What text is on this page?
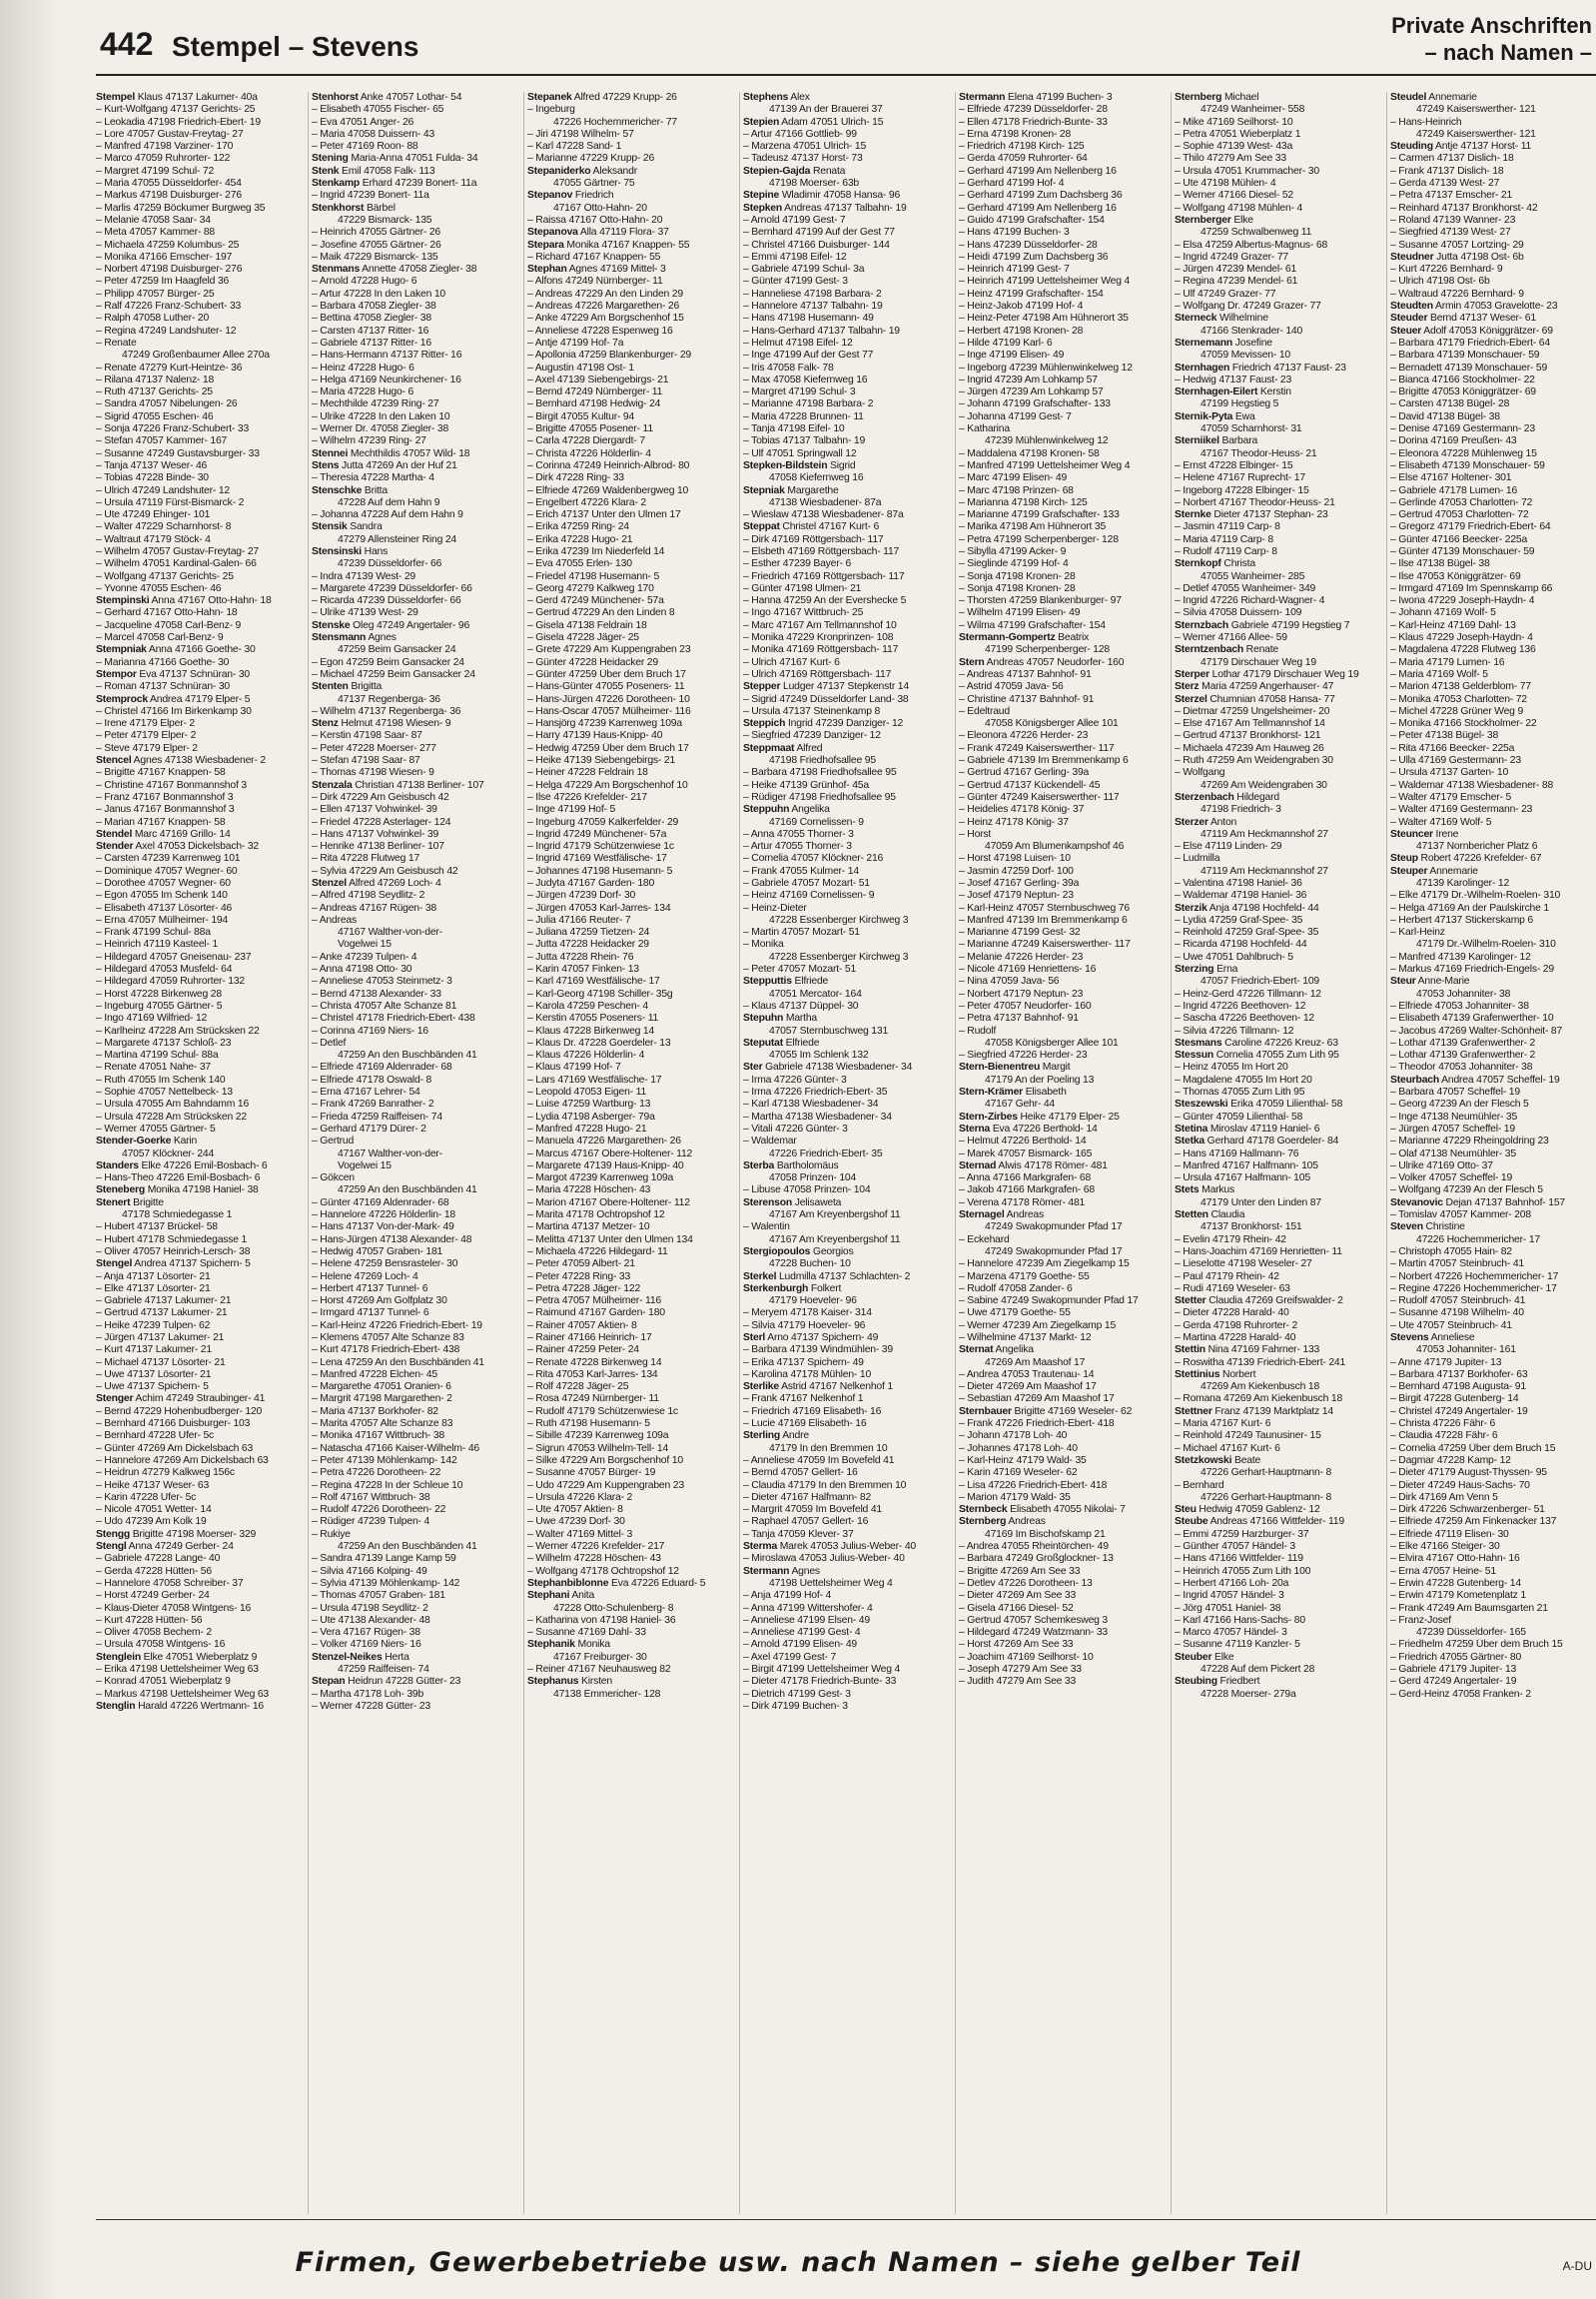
442 Stempel – Stevens
Private Anschriften
– nach Namen –
Stempel Klaus 47137 Lakumer- 40a
– Kurt-Wolfgang 47137 Gerichts- 25
– Leokadia 47198 Friedrich-Ebert- 19
– Lore 47057 Gustav-Freytag- 27
– Manfred 47198 Varziner- 170
– Marco 47059 Ruhrorter- 122
– Margret 47199 Schul- 72
– Maria 47055 Düsseldorfer- 454
– Markus 47198 Duisburger- 276
– Marlis 47259 Böckumer Burgweg 35
– Melanie 47058 Saar- 34
– Meta 47057 Kammer- 88
– Michaela 47259 Kolumbus- 25
– Monika 47166 Emscher- 197
– Norbert 47198 Duisburger- 276
– Peter 47259 Im Haagfeld 36
– Philipp 47057 Bürger- 25
– Ralf 47226 Franz-Schubert- 33
– Ralph 47058 Luther- 20
– Regina 47249 Landshuter- 12
– Renate
47249 Großenbaumer Allee 270a
– Renate 47279 Kurt-Heintze- 36
– Rilana 47137 Nalenz- 18
– Ruth 47137 Gerichts- 25
– Sandra 47057 Nibelungen- 26
– Sigrid 47055 Eschen- 46
– Sonja 47226 Franz-Schubert- 33
– Stefan 47057 Kammer- 167
– Susanne 47249 Gustavsburger- 33
– Tanja 47137 Weser- 46
– Tobias 47228 Binde- 30
– Ulrich 47249 Landshuter- 12
– Ursula 47119 Fürst-Bismarck- 2
– Ute 47249 Ehinger- 101
– Walter 47229 Scharnhorst- 8
– Waltraut 47179 Stöck- 4
– Wilhelm 47057 Gustav-Freytag- 27
– Wilhelm 47051 Kardinal-Galen- 66
– Wolfgang 47137 Gerichts- 25
– Yvonne 47055 Eschen- 46
Stempinski Anna 47167 Otto-Hahn- 18
– Gerhard 47167 Otto-Hahn- 18
– Jacqueline 47058 Carl-Benz- 9
– Marcel 47058 Carl-Benz- 9
Stempniak Anna 47166 Goethe- 30
– Marianna 47166 Goethe- 30
Stempor Eva 47137 Schnüran- 30
– Roman 47137 Schnüran- 30
Stemprock Andrea 47179 Elper- 5
– Christel 47166 Im Birkenkamp 30
– Irene 47179 Elper- 2
– Peter 47179 Elper- 2
– Steve 47179 Elper- 2
Stencel Agnes 47138 Wiesbadener- 2
– Brigitte 47167 Knappen- 58
– Christine 47167 Bonmannshof 3
– Franz 47167 Bonmannshof 3
– Janus 47167 Bonmannshof 3
– Marian 47167 Knappen- 58
Stendel Marc 47169 Grillo- 14
Stender Axel 47053 Dickelsbach- 32
– Carsten 47239 Karrenweg 101
– Dominique 47057 Wegner- 60
– Dorothee 47057 Wegner- 60
– Egon 47055 Im Schenk 140
– Elisabeth 47137 Lösorter- 46
– Erna 47057 Mülheimer- 194
– Frank 47199 Schul- 88a
– Heinrich 47119 Kasteel- 1
– Hildegard 47057 Gneisenau- 237
– Hildegard 47053 Musfeld- 64
– Hildegard 47059 Ruhrorter- 132
– Horst 47228 Birkenweg 28
– Ingeburg 47055 Gärtner- 5
– Ingo 47169 Wilfried- 12
– Karlheinz 47228 Am Strücksken 22
– Margarete 47137 Schloß- 23
– Martina 47199 Schul- 88a
– Renate 47051 Nahe- 37
– Ruth 47055 Im Schenk 140
– Sophie 47057 Nettelbeck- 13
– Ursula 47055 Am Bahndamm 16
– Ursula 47228 Am Strücksken 22
– Werner 47055 Gärtner- 5
Stender-Goerke Karin
47057 Klöckner- 244
Standers Elke 47226 Emil-Bosbach- 6
– Hans-Theo 47226 Emil-Bosbach- 6
Steneberg Monika 47198 Haniel- 38
Stenert Brigitte
47178 Schmiedegasse 1
– Hubert 47137 Brückel- 58
– Hubert 47178 Schmiedegasse 1
– Oliver 47057 Heinrich-Lersch- 38
Stengel Andrea 47137 Spichern- 5
– Anja 47137 Lösorter- 21
– Elke 47137 Lösorter- 21
– Gabriele 47137 Lakumer- 21
– Gertrud 47137 Lakumer- 21
– Heike 47239 Tulpen- 62
– Jürgen 47137 Lakumer- 21
– Kurt 47137 Lakumer- 21
– Michael 47137 Lösorter- 21
– Uwe 47137 Lösorter- 21
– Uwe 47137 Spichern- 5
Stenger Achim 47249 Straubinger- 41
– Bernd 47229 Hohenbudberger- 120
– Bernhard 47166 Duisburger- 103
– Bernhard 47228 Ufer- 5c
– Günter 47269 Am Dickelsbach 63
– Hannelore 47269 Am Dickelsbach 63
– Heidrun 47279 Kalkweg 156c
– Heike 47137 Weser- 63
– Karin 47228 Ufer- 5c
– Nicole 47051 Wetter- 14
– Udo 47239 Am Kolk 19
Stengg Brigitte 47198 Moerser- 329
Stengl Anna 47249 Gerber- 24
– Gabriele 47228 Lange- 40
– Gerda 47228 Hütten- 56
– Hannelore 47058 Schreiber- 37
– Horst 47249 Gerber- 24
– Klaus-Dieter 47058 Wintgens- 16
– Kurt 47228 Hütten- 56
– Oliver 47058 Bechem- 2
– Ursula 47058 Wintgens- 16
Stenglein Elke 47051 Wieberplatz 9
– Erika 47198 Uettelsheimer Weg 63
– Konrad 47051 Wieberplatz 9
– Markus 47198 Uettelsheimer Weg 63
Stenglin Harald 47226 Wertmann- 16
Stenhorst Anke 47057 Lothar- 54
– Elisabeth 47055 Fischer- 65
– Eva 47051 Anger- 26
– Maria 47058 Duissern- 43
– Peter 47169 Roon- 88
Stening Maria-Anna 47051 Fulda- 34
Stenk Emil 47058 Falk- 113
Stenkamp Erhard 47239 Bonert- 11a
– Ingrid 47239 Bonert- 11a
Stenkhorst Bärbel
47229 Bismarck- 135
– Heinrich 47055 Gärtner- 26
– Josefine 47055 Gärtner- 26
– Maik 47229 Bismarck- 135
Stenmans Annette 47058 Ziegler- 38
– Arnold 47228 Hugo- 6
– Artur 47228 In den Laken 10
– Barbara 47058 Ziegler- 38
– Bettina 47058 Ziegler- 38
– Carsten 47137 Ritter- 16
– Gabriele 47137 Ritter- 16
– Hans-Hermann 47137 Ritter- 16
– Heinz 47228 Hugo- 6
– Helga 47169 Neunkirchener- 16
– Maria 47228 Hugo- 6
– Mechthilde 47239 Ring- 27
– Ulrike 47228 In den Laken 10
– Werner Dr. 47058 Ziegler- 38
– Wilhelm 47239 Ring- 27
Stennei Mechthildis 47057 Wild- 18
Stens Jutta 47269 An der Huf 21
– Theresia 47228 Martha- 4
Stenschke Britta
47228 Auf dem Hahn 9
– Johanna 47228 Auf dem Hahn 9
Stensik Sandra
47279 Allensteiner Ring 24
Stensinski Hans
47239 Düsseldorfer- 66
– Indra 47139 West- 29
– Margarete 47239 Düsseldorfer- 66
– Ricarda 47239 Düsseldorfer- 66
– Ulrike 47139 West- 29
Stenske Oleg 47249 Angertaler- 96
Stensmann Agnes
47259 Beim Gansacker 24
– Egon 47259 Beim Gansacker 24
– Michael 47259 Beim Gansacker 24
Stenten Brigitta
47137 Regenberga- 36
– Wilhelm 47137 Regenberga- 36
Stenz Helmut 47198 Wiesen- 9
– Kerstin 47198 Saar- 87
– Peter 47228 Moerser- 277
– Stefan 47198 Saar- 87
– Thomas 47198 Wiesen- 9
Stenzala Christian 47138 Berliner- 107
– Dirk 47229 Am Geisbusch 42
– Ellen 47137 Vohwinkel- 39
– Friedel 47228 Asterlager- 124
– Hans 47137 Vohwinkel- 39
– Henrike 47138 Berliner- 107
– Rita 47228 Flutweg 17
– Sylvia 47229 Am Geisbusch 42
Stenzel Alfred 47269 Loch- 4
– Alfred 47198 Seydlitz- 2
– Andreas 47167 Rügen- 38
– Andreas
47167 Walther-von-der-
Vogelwei 15
– Anke 47239 Tulpen- 4
– Anna 47198 Otto- 30
– Anneliese 47053 Steinmetz- 3
– Bernd 47138 Alexander- 33
– Christa 47057 Alte Schanze 81
– Christel 47178 Friedrich-Ebert- 438
– Corinna 47169 Niers- 16
– Detlef
47259 An den Buschbänden 41
– Elfriede 47169 Aldenrader- 68
– Elfriede 47178 Oswald- 8
– Erna 47167 Lehrer- 54
– Frank 47269 Banrather- 2
– Frieda 47259 Raiffeisen- 74
– Gerhard 47179 Dürer- 2
– Gertrud
47167 Walther-von-der-
Vogelwei 15
– Gökcen
47259 An den Buschbänden 41
– Günter 47169 Aldenrader- 68
– Hannelore 47226 Hölderlin- 18
– Hans 47137 Von-der-Mark- 49
– Hans-Jürgen 47138 Alexander- 48
– Hedwig 47057 Graben- 181
– Helene 47259 Bensrasteler- 30
– Helene 47269 Loch- 4
– Herbert 47137 Tunnel- 6
– Horst 47269 Am Golfplatz 30
– Irmgard 47137 Tunnel- 6
– Karl-Heinz 47226 Friedrich-Ebert- 19
– Klemens 47057 Alte Schanze 83
– Kurt 47178 Friedrich-Ebert- 438
– Lena 47259 An den Buschbänden 41
– Manfred 47228 Elchen- 45
– Margarethe 47051 Oranien- 6
– Margrit 47198 Margarethen- 2
– Maria 47137 Borkhofer- 82
– Marita 47057 Alte Schanze 83
– Monika 47167 Wittbruch- 38
– Natascha 47166 Kaiser-Wilhelm- 46
– Peter 47139 Möhlenkamp- 142
– Petra 47226 Dorotheen- 22
– Regina 47228 In der Schleue 10
– Rolf 47167 Wittbruch- 38
– Rudolf 47226 Dorotheen- 22
– Rüdiger 47239 Tulpen- 4
– Rukiye
47259 An den Buschbänden 41
– Sandra 47139 Lange Kamp 59
– Silvia 47166 Kolping- 49
– Sylvia 47139 Möhlenkamp- 142
– Thomas 47057 Graben- 181
– Ursula 47198 Seydlitz- 2
– Ute 47138 Alexander- 48
– Vera 47167 Rügen- 38
– Volker 47169 Niers- 16
Stenzel-Neikes Herta
47259 Raiffeisen- 74
Stepan Heidrun 47228 Gütter- 23
– Martha 47178 Loh- 39b
– Werner 47228 Gütter- 23
Stepanek Alfred 47229 Krupp- 26
– Ingeburg
47226 Hochemmericher- 77
– Jiri 47198 Wilhelm- 57
– Karl 47228 Sand- 1
– Marianne 47229 Krupp- 26
Stepaniderko Aleksandr
47055 Gärtner- 75
Stepanov Friedrich
47167 Otto-Hahn- 20
– Raissa 47167 Otto-Hahn- 20
Stepanova Alla 47119 Flora- 37
Stepara Monika 47167 Knappen- 55
– Richard 47167 Knappen- 55
Stephan Agnes 47169 Mittel- 3
– Alfons 47249 Nürnberger- 11
– Andreas 47229 An den Linden 29
– Andreas 47226 Margarethen- 26
– Anke 47229 Am Borgschenhof 15
– Anneliese 47228 Espenweg 16
– Antje 47199 Hof- 7a
– Apollonia 47259 Blankenburger- 29
– Augustin 47198 Ost- 1
– Axel 47139 Siebengebirgs- 21
– Bernd 47249 Nürnberger- 11
– Bernhard 47198 Hedwig- 24
– Birgit 47055 Kultur- 94
– Brigitte 47055 Posener- 11
– Carla 47228 Diergardt- 7
– Christa 47226 Hölderlin- 4
– Corinna 47249 Heinrich-Albrod- 80
– Dirk 47228 Ring- 33
– Elfriede 47269 Waldenbergweg 10
– Engelbert 47226 Klara- 2
– Erich 47137 Unter den Ulmen 17
– Erika 47259 Ring- 24
– Erika 47228 Hugo- 21
– Erika 47239 Im Niederfeld 14
– Eva 47055 Erlen- 130
– Friedel 47198 Husemann- 5
– Georg 47279 Kalkweg 170
– Gerd 47249 Münchener- 57a
– Gertrud 47229 An den Linden 8
– Gisela 47138 Feldrain 18
– Gisela 47228 Jäger- 25
– Grete 47229 Am Kuppengraben 23
– Günter 47228 Heidacker 29
– Günter 47259 Über dem Bruch 17
– Hans-Günter 47055 Poseners- 11
– Hans-Jürgen 47226 Dorotheen- 10
– Hans-Oscar 47057 Mülheimer- 116
– Hansjörg 47239 Karrenweg 109a
– Harry 47139 Haus-Knipp- 40
– Hedwig 47259 Über dem Bruch 17
– Heike 47139 Siebengebirgs- 21
– Heiner 47228 Feldrain 18
– Helga 47229 Am Borgschenhof 10
– Ilse 47226 Krefelder- 217
– Inge 47199 Hof- 5
– Ingeburg 47059 Kalkerfelder- 29
– Ingrid 47249 Münchener- 57a
– Ingrid 47179 Schützenwiese 1c
– Ingrid 47169 Westfälische- 17
– Johannes 47198 Husemann- 5
– Judyta 47167 Garden- 180
– Jürgen 47239 Dorf- 30
– Jürgen 47053 Karl-Jarres- 134
– Julia 47166 Reuter- 7
– Juliana 47259 Tietzen- 24
– Jutta 47228 Heidacker 29
– Jutta 47228 Rhein- 76
– Karin 47057 Finken- 13
– Karl 47169 Westfälische- 17
– Karl-Georg 47198 Schiller- 35g
– Karola 47259 Peschen- 4
– Kerstin 47055 Poseners- 11
– Klaus 47228 Birkenweg 14
– Klaus Dr. 47228 Goerdeler- 13
– Klaus 47226 Hölderlin- 4
– Klaus 47199 Hof- 7
– Lars 47169 Westfälische- 17
– Leopold 47053 Eigen- 11
– Luise 47259 Wartburg- 13
– Lydia 47198 Asberger- 79a
– Manfred 47228 Hugo- 21
– Manuela 47226 Margarethen- 26
– Marcus 47167 Obere-Holtener- 112
– Margarete 47139 Haus-Knipp- 40
– Margot 47239 Karrenweg 109a
– Maria 47228 Höschen- 43
– Marion 47167 Obere-Holtener- 112
– Marita 47178 Ochtropshof 12
– Martina 47137 Metzer- 10
– Melitta 47137 Unter den Ulmen 134
– Michaela 47226 Hildegard- 11
– Peter 47059 Albert- 21
– Peter 47228 Ring- 33
– Petra 47228 Jäger- 122
– Petra 47057 Mülheimer- 116
– Raimund 47167 Garden- 180
– Rainer 47057 Aktien- 8
– Rainer 47166 Heinrich- 17
– Rainer 47259 Peter- 24
– Renate 47228 Birkenweg 14
– Rita 47053 Karl-Jarres- 134
– Rolf 47228 Jäger- 25
– Rosa 47249 Nürnberger- 11
– Rudolf 47179 Schützenwiese 1c
– Ruth 47198 Husemann- 5
– Sibille 47239 Karrenweg 109a
– Sigrun 47053 Wilhelm-Tell- 14
– Silke 47229 Am Borgschenhof 10
– Susanne 47057 Bürger- 19
– Udo 47229 Am Kuppengraben 23
– Ursula 47226 Klara- 2
– Ute 47057 Aktien- 8
– Uwe 47239 Dorf- 30
– Walter 47169 Mittel- 3
– Werner 47226 Krefelder- 217
– Wilhelm 47228 Höschen- 43
– Wolfgang 47178 Ochtropshof 12
Stephanbiblonne Eva 47226 Eduard- 5
Stephani Anita
47228 Otto-Schulenberg- 8
– Katharina von 47198 Haniel- 36
– Susanne 47169 Dahl- 33
Stephanik Monika
47167 Freiburger- 30
– Reiner 47167 Neuhausweg 82
Stephanus Kirsten
47138 Emmericher- 128
Stephens Alex
47139 An der Brauerei 37
Stepien Adam 47051 Ulrich- 15
– Artur 47166 Gottlieb- 99
– Marzena 47051 Ulrich- 15
– Tadeusz 47137 Horst- 73
Stepien-Gajda Renata
47198 Moerser- 63b
Stepine Wladimir 47058 Hansa- 96
Stepken Andreas 47137 Talbahn- 19
– Arnold 47199 Gest- 7
– Bernhard 47199 Auf der Gest 77
– Christel 47166 Duisburger- 144
– Emmi 47198 Eifel- 12
– Gabriele 47199 Schul- 3a
– Günter 47199 Gest- 3
– Hanneliese 47198 Barbara- 2
– Hannelore 47137 Talbahn- 19
– Hans 47198 Husemann- 49
– Hans-Gerhard 47137 Talbahn- 19
– Helmut 47198 Eifel- 12
– Inge 47199 Auf der Gest 77
– Iris 47058 Falk- 78
– Max 47058 Kiefernweg 16
– Margret 47199 Schul- 3
– Marianne 47198 Barbara- 2
– Maria 47228 Brunnen- 11
– Tanja 47198 Eifel- 10
– Tobias 47137 Talbahn- 19
– Ulf 47051 Springwall 12
Stepken-Bildstein Sigrid
47058 Kiefernweg 16
Stepniak Margarethe
47138 Wiesbadener- 87a
– Wieslaw 47138 Wiesbadener- 87a
Steppat Christel 47167 Kurt- 6
– Dirk 47169 Röttgersbach- 117
– Elsbeth 47169 Röttgersbach- 117
– Esther 47239 Bayer- 6
– Friedrich 47169 Röttgersbach- 117
– Günter 47198 Ulmen- 21
– Hanna 47259 An der Eversheckе 5
– Ingo 47167 Wittbruch- 25
– Marc 47167 Am Tellmannshof 10
– Monika 47229 Kronprinzen- 108
– Monika 47169 Röttgersbach- 117
– Ulrich 47167 Kurt- 6
– Ulrich 47169 Röttgersbach- 117
Stepper Ludger 47137 Stepkenstr 14
– Sigrid 47249 Düsseldorfer Land- 38
– Ursula 47137 Steinenkamp 8
Steppich Ingrid 47239 Danziger- 12
– Siegfried 47239 Danziger- 12
Steppmaat Alfred
47198 Friedhofsallee 95
– Barbara 47198 Friedhofsallee 95
– Heike 47139 Grünhof- 45a
– Rüdiger 47198 Friedhofsallee 95
Steppuhn Angelika
47169 Cornelissen- 9
– Anna 47055 Thorner- 3
– Artur 47055 Thorner- 3
– Cornelia 47057 Klöckner- 216
– Frank 47055 Kulmer- 14
– Gabriele 47057 Mozart- 51
– Heinz 47169 Cornelissen- 9
– Heinz-Dieter
47228 Essenberger Kirchweg 3
– Martin 47057 Mozart- 51
– Monika
47228 Essenberger Kirchweg 3
– Peter 47057 Mozart- 51
Stepputtis Elfriede
47051 Mercator- 164
– Klaus 47137 Düppel- 30
Stepuhn Martha
47057 Sternbuschweg 131
Steputat Elfriede
47055 Im Schlenk 132
Ster Gabriele 47138 Wiesbadener- 34
– Irma 47226 Günter- 3
– Irma 47226 Friedrich-Ebert- 35
– Karl 47138 Wiesbadener- 34
– Martha 47138 Wiesbadener- 34
– Vitali 47226 Günter- 3
– Waldemar
47226 Friedrich-Ebert- 35
Sterba Bartholomäus
47058 Prinzen- 104
– Libuse 47058 Prinzen- 104
Sterenson Jelisaweta
47167 Am Kreyenbergshof 11
– Walentin
47167 Am Kreyenbergshof 11
Stergiopoulos Georgios
47228 Buchen- 10
Sterkel Ludmilla 47137 Schlachten- 2
Sterkenburgh Folkert
47179 Hoeveler- 96
– Meryem 47178 Kaiser- 314
– Silvia 47179 Hoeveler- 96
Sterl Arno 47137 Spichern- 49
– Barbara 47139 Windmühlen- 39
– Erika 47137 Spichern- 49
– Karolina 47178 Mühlen- 10
Sterlike Astrid 47167 Nelkenhof 1
– Frank 47167 Nelkenhof 1
– Friedrich 47169 Elisabeth- 16
– Lucie 47169 Elisabeth- 16
Sterling Andre
47179 In den Bremmen 10
– Anneliese 47059 Im Bovefeld 41
– Bernd 47057 Gellert- 16
– Claudia 47179 In den Bremmen 10
– Dieter 47167 Halfmann- 82
– Margrit 47059 Im Bovefeld 41
– Raphael 47057 Gellert- 16
– Tanja 47059 Klever- 37
Sterma Marek 47053 Julius-Weber- 40
– Miroslawa 47053 Julius-Weber- 40
Stermann Agnes
47198 Uettelsheimer Weg 4
– Anja 47199 Hof- 4
– Anna 47199 Wittershofer- 4
– Anneliese 47199 Elsen- 49
– Anneliese 47199 Gest- 4
– Arnold 47199 Elisen- 49
– Axel 47199 Gest- 7
– Birgit 47199 Uettelsheimer Weg 4
– Dieter 47178 Friedrich-Bunte- 33
– Dietrich 47199 Gest- 3
– Dirk 47199 Buchen- 3
Stermann Elena 47199 Buchen- 3
– Elfriede 47239 Düsseldorfer- 28
– Ellen 47178 Friedrich-Bunte- 33
– Erna 47198 Kronen- 28
– Friedrich 47198 Kirch- 125
– Gerda 47059 Ruhrorter- 64
– Gerhard 47199 Am Nellenberg 16
– Gerhard 47199 Hof- 4
– Gerhard 47199 Zum Dachsberg 36
– Gerhard 47199 Am Nellenberg 16
– Guido 47199 Grafschafter- 154
– Hans 47199 Buchen- 3
– Hans 47239 Düsseldorfer- 28
– Heidi 47199 Zum Dachsberg 36
– Heinrich 47199 Gest- 7
– Heinrich 47199 Uettelsheimer Weg 4
– Heinz 47199 Grafschafter- 154
– Heinz-Jakob 47199 Hof- 4
– Heinz-Peter 47198 Am Hühnerort 35
– Herbert 47198 Kronen- 28
– Hilde 47199 Karl- 6
– Inge 47199 Elisen- 49
– Ingeborg 47239 Mühlenwinkelweg 12
– Ingrid 47239 Am Lohkamp 57
– Jürgen 47239 Am Lohkamp 57
– Johann 47199 Grafschafter- 133
– Johanna 47199 Gest- 7
– Katharina
47239 Mühlenwinkelweg 12
– Maddalena 47198 Kronen- 58
– Manfred 47199 Uettelsheimer Weg 4
– Marc 47199 Elisen- 49
– Marc 47198 Prinzen- 68
– Marianna 47198 Kirch- 125
– Marianne 47199 Grafschafter- 133
– Marika 47198 Am Hühnerort 35
– Petra 47199 Scherpenberger- 128
– Sibylla 47199 Acker- 9
– Sieglinde 47199 Hof- 4
– Sonja 47198 Kronen- 28
– Sonja 47198 Kronen- 28
– Thorsten 47259 Blankenburger- 97
– Wilhelm 47199 Elisen- 49
– Wilma 47199 Grafschafter- 154
Stermann-Gompertz Beatrix
47199 Scherpenberger- 128
Stern Andreas 47057 Neudorfer- 160
– Andreas 47137 Bahnhof- 91
– Astrid 47059 Java- 56
– Christine 47137 Bahnhof- 91
– Edeltraud
47058 Königsberger Allee 101
– Eleonora 47226 Herder- 23
– Frank 47249 Kaiserswerther- 117
– Gabriele 47139 Im Bremmenkamp 6
– Gertrud 47167 Gerling- 39a
– Gertrud 47137 Kückendell- 45
– Günter 47249 Kaiserswerther- 117
– Heidelies 47178 König- 37
– Heinz 47178 König- 37
– Horst
47059 Am Blumenkampshof 46
– Horst 47198 Luisen- 10
– Jasmin 47259 Dorf- 100
– Josef 47167 Gerling- 39a
– Josef 47179 Neptun- 23
– Karl-Heinz 47057 Sternbuschweg 76
– Manfred 47139 Im Bremmenkamp 6
– Marianne 47199 Gest- 32
– Marianne 47249 Kaiserswerther- 117
– Melanie 47226 Herder- 23
– Nicole 47169 Henriettens- 16
– Nina 47059 Java- 56
– Norbert 47179 Neptun- 23
– Peter 47057 Neudorfer- 160
– Petra 47137 Bahnhof- 91
– Rudolf
47058 Königsberger Allee 101
– Siegfried 47226 Herder- 23
Stern-Bienentreu Margit
47179 An der Poeling 13
Stern-Krämer Elisabeth
47167 Gehr- 44
Stern-Zirbes Heike 47179 Elper- 25
Sterna Eva 47226 Berthold- 14
– Helmut 47226 Berthold- 14
– Marek 47057 Bismarck- 165
Sternad Alwis 47178 Römer- 481
– Anna 47166 Markgrafen- 68
– Jakob 47166 Markgrafen- 68
– Verena 47178 Römer- 481
Sternagel Andreas
47249 Swakopmunder Pfad 17
– Eckehard
47249 Swakopmunder Pfad 17
– Hannelore 47239 Am Ziegelkamp 15
– Marzena 47179 Goethe- 55
– Rudolf 47058 Zander- 6
– Sabine 47249 Swakopmunder Pfad 17
– Uwe 47179 Goethe- 55
– Werner 47239 Am Ziegelkamp 15
– Wilhelmine 47137 Markt- 12
Sternat Angelika
47269 Am Maashof 17
– Andrea 47053 Trautenau- 14
– Dieter 47269 Am Maashof 17
– Sebastian 47269 Am Maashof 17
Sternbauer Brigitte 47169 Weseler- 62
– Frank 47226 Friedrich-Ebert- 418
– Johann 47178 Loh- 40
– Johannes 47178 Loh- 40
– Karl-Heinz 47179 Wald- 35
– Karin 47169 Weseler- 62
– Lisa 47226 Friedrich-Ebert- 418
– Marion 47179 Wald- 35
Sternbeck Elisabeth 47055 Nikolai- 7
Sternberg Andreas
47169 Im Bischofskamp 21
– Andrea 47055 Rheintörchen- 49
– Barbara 47249 Großglockner- 13
– Brigitte 47269 Am See 33
– Detlev 47226 Dorotheen- 13
– Dieter 47269 Am See 33
– Gisela 47166 Diesel- 52
– Gertrud 47057 Schemkesweg 3
– Hildegard 47249 Watzmann- 33
– Horst 47269 Am See 33
– Joachim 47169 Seilhorst- 10
– Joseph 47279 Am See 33
– Judith 47279 Am See 33
Sternberg Michael
47249 Wanheimer- 558
– Mike 47169 Seilhorst- 10
– Petra 47051 Wieberplatz 1
– Sophie 47139 West- 43a
– Thilo 47279 Am See 33
– Ursula 47051 Krummacher- 30
– Ute 47198 Mühlen- 4
– Werner 47166 Diesel- 52
– Wolfgang 47198 Mühlen- 4
Sternberger Elke
47259 Schwalbenweg 11
– Elsa 47259 Albertus-Magnus- 68
– Ingrid 47249 Grazer- 77
– Jürgen 47239 Mendel- 61
– Regina 47239 Mendel- 61
– Ulf 47249 Grazer- 77
– Wolfgang Dr. 47249 Grazer- 77
Sterneck Wilhelmine
47166 Stenkrader- 140
Sternemann Josefine
47059 Mevissen- 10
Sternhagen Friedrich 47137 Faust- 23
– Hedwig 47137 Faust- 23
Sternhagen-Eilert Kerstin
47199 Hegstieg 5
Sternik-Pyta Ewa
47059 Scharnhorst- 31
Sterniikel Barbara
47167 Theodor-Heuss- 21
– Ernst 47228 Elbinger- 15
– Helene 47167 Ruprecht- 17
– Ingeborg 47228 Elbinger- 15
– Norbert 47167 Theodor-Heuss- 21
Sternke Dieter 47137 Stephan- 23
– Jasmin 47119 Carp- 8
– Maria 47119 Carp- 8
– Rudolf 47119 Carp- 8
Sternkopf Christa
47055 Wanheimer- 285
– Detlef 47055 Wanheimer- 349
– Ingrid 47226 Richard-Wagner- 4
– Silvia 47058 Duissern- 109
Sternzbach Gabriele 47199 Hegstieg 7
– Werner 47166 Allee- 59
Sterntzenbach Renate
47179 Dirschauer Weg 19
Sterper Lothar 47179 Dirschauer Weg 19
Sterz Maria 47259 Angerhauser- 47
Sterzel Chumnian 47058 Hansa- 77
– Dietmar 47259 Ungelsheimer- 20
– Else 47167 Am Tellmannshof 14
– Gertrud 47137 Bronkhorst- 121
– Michaela 47239 Am Hauweg 26
– Ruth 47259 Am Weidengraben 30
– Wolfgang
47269 Am Weidengraben 30
Sterzenbach Hildegard
47198 Friedrich- 3
Sterzer Anton
47119 Am Heckmannshof 27
– Else 47119 Linden- 29
– Ludmilla
47119 Am Heckmannshof 27
– Valentina 47198 Haniel- 36
– Waldemar 47198 Haniel- 36
Sterzik Anja 47198 Hochfeld- 44
– Lydia 47259 Graf-Spee- 35
– Reinhold 47259 Graf-Spee- 35
– Ricarda 47198 Hochfeld- 44
– Uwe 47051 Dahlbruch- 5
Sterzing Erna
47057 Friedrich-Ebert- 109
– Heinz-Gerd 47226 Tillmann- 12
– Ingrid 47226 Beethoven- 12
– Sascha 47226 Beethoven- 12
– Silvia 47226 Tillmann- 12
Stesmans Caroline 47226 Kreuz- 63
Stessun Cornelia 47055 Zum Lith 95
– Heinz 47055 Im Hort 20
– Magdalene 47055 Im Hort 20
– Thomas 47055 Zum Lith 95
Steszewski Erika 47059 Lilienthal- 58
– Günter 47059 Lilienthal- 58
Stetina Miroslav 47119 Haniel- 6
Stetka Gerhard 47178 Goerdeler- 84
– Hans 47169 Hallmann- 76
– Manfred 47167 Halfmann- 105
– Ursula 47167 Halfmann- 105
Stets Markus
47179 Unter den Linden 87
Stetten Claudia
47137 Bronkhorst- 151
– Evelin 47179 Rhein- 42
– Hans-Joachim 47169 Henrietten- 11
– Lieselotte 47198 Weseler- 27
– Paul 47179 Rhein- 42
– Rudi 47169 Weseler- 63
Stetter Claudia 47269 Greifswalder- 2
– Dieter 47228 Harald- 40
– Gerda 47198 Ruhrorter- 2
– Martina 47228 Harald- 40
Stettin Nina 47169 Fahrner- 133
– Roswitha 47139 Friedrich-Ebert- 241
Stettinius Norbert
47269 Am Kiekenbusch 18
– Romana 47269 Am Kiekenbusch 18
Stettner Franz 47139 Marktplatz 14
– Maria 47167 Kurt- 6
– Reinhold 47249 Taunusiner- 15
– Michael 47167 Kurt- 6
Stetzkowski Beate
47226 Gerhart-Hauptmann- 8
– Bernhard
47226 Gerhart-Hauptmann- 8
Steu Hedwig 47059 Gablenz- 12
Steube Andreas 47166 Wittfelder- 119
– Emmi 47259 Harzburger- 37
– Günther 47057 Händel- 3
– Hans 47166 Wittfelder- 119
– Heinrich 47055 Zum Lith 100
– Herbert 47166 Loh- 20a
– Ingrid 47057 Händel- 3
– Jörg 47051 Haniel- 38
– Karl 47166 Hans-Sachs- 80
– Marco 47057 Händel- 3
– Susanne 47119 Kanzler- 5
Steuber Elke
47228 Auf dem Pickert 28
Steubing Friedbert
47228 Moerser- 279a
Steudel Annemarie
47249 Kaiserswerther- 121
– Hans-Heinrich
47249 Kaiserswerther- 121
Steuding Antje 47137 Horst- 11
– Carmen 47137 Dislich- 18
– Frank 47137 Dislich- 18
– Gerda 47139 West- 27
– Petra 47137 Emscher- 21
– Reinhard 47137 Bronkhorst- 42
– Roland 47139 Wanner- 23
– Siegfried 47139 West- 27
– Susanne 47057 Lortzing- 29
Steudner Jutta 47198 Ost- 6b
– Kurt 47226 Bernhard- 9
– Ulrich 47198 Ost- 6b
– Waltraud 47226 Bernhard- 9
Steudten Armin 47053 Gravelotte- 23
Steuder Bernd 47137 Weser- 61
Steuer Adolf 47053 Königgrätzer- 69
– Barbara 47179 Friedrich-Ebert- 64
– Barbara 47139 Monschauer- 59
– Bernadett 47139 Monschauer- 59
– Bianca 47166 Stockholmer- 22
– Brigitte 47053 Königgrätzer- 69
– Carsten 47138 Bügel- 28
– David 47138 Bügel- 38
– Denise 47169 Gestermann- 23
– Dorina 47169 Preußen- 43
– Eleonora 47228 Mühlenweg 15
– Elisabeth 47139 Monschauer- 59
– Else 47167 Holtener- 301
– Gabriele 47178 Lumen- 16
– Gerlinde 47053 Charlotten- 72
– Gertrud 47053 Charlotten- 72
– Gregorz 47179 Friedrich-Ebert- 64
– Günter 47166 Beecker- 225a
– Günter 47139 Monschauer- 59
– Ilse 47138 Bügel- 38
– Ilse 47053 Königgrätzer- 69
– Irmgard 47169 Im Spennskamp 66
– Iwona 47229 Joseph-Haydn- 4
– Johann 47169 Wolf- 5
– Karl-Heinz 47169 Dahl- 13
– Klaus 47229 Joseph-Haydn- 4
– Magdalena 47228 Flutweg 136
– Maria 47179 Lumen- 16
– Maria 47169 Wolf- 5
– Marion 47138 Gelderblom- 77
– Monika 47053 Charlotten- 72
– Michel 47228 Grüner Weg 9
– Monika 47166 Stockholmer- 22
– Peter 47138 Bügel- 38
– Rita 47166 Beecker- 225a
– Ulla 47169 Gestermann- 23
– Ursula 47137 Garten- 10
– Waldemar 47138 Wiesbadener- 88
– Walter 47179 Emscher- 5
– Walter 47169 Gestermann- 23
– Walter 47169 Wolf- 5
Steuncer Irene
47137 Nornbericher Platz 6
Steup Robert 47226 Krefelder- 67
Steuper Annemarie
47139 Karolinger- 12
– Elke 47179 Dr.-Wilhelm-Roelen- 310
– Helga 47169 An der Paulskirche 1
– Herbert 47137 Stickerskamp 6
– Karl-Heinz
47179 Dr.-Wilhelm-Roelen- 310
– Manfred 47139 Karolinger- 12
– Markus 47169 Friedrich-Engels- 29
Steur Anne-Marie
47053 Johanniter- 38
– Elfriede 47053 Johanniter- 38
– Elisabeth 47139 Grafenwerther- 10
– Jacobus 47269 Walter-Schönheit- 87
– Lothar 47139 Grafenwerther- 2
– Lothar 47139 Grafenwerther- 2
– Theodor 47053 Johanniter- 38
Steurbach Andrea 47057 Scheffel- 19
– Barbara 47057 Scheffel- 19
– Georg 47239 An der Flesch 5
– Inge 47138 Neumühler- 35
– Jürgen 47057 Scheffel- 19
– Marianne 47229 Rheingoldring 23
– Olaf 47138 Neumühler- 35
– Ulrike 47169 Otto- 37
– Volker 47057 Scheffel- 19
– Wolfgang 47239 An der Flesch 5
Stevanovic Dejan 47137 Bahnhof- 157
– Tomislav 47057 Kammer- 208
Steven Christine
47226 Hochemmericher- 17
– Christoph 47055 Hain- 82
– Martin 47057 Steinbruch- 41
– Norbert 47226 Hochemmericher- 17
– Regine 47226 Hochemmericher- 17
– Rudolf 47057 Steinbruch- 41
– Susanne 47198 Wilhelm- 40
– Ute 47057 Steinbruch- 41
Stevens Anneliese
47053 Johanniter- 161
– Anne 47179 Jupiter- 13
– Barbara 47137 Borkhofer- 63
– Bernhard 47198 Augusta- 91
– Birgit 47228 Gutenberg- 14
– Christel 47249 Angertaler- 19
– Christa 47226 Fähr- 6
– Claudia 47228 Fähr- 6
– Cornelia 47259 Über dem Bruch 15
– Dagmar 47228 Kamp- 12
– Dieter 47179 August-Thyssen- 95
– Dieter 47249 Haus-Sachs- 70
– Dirk 47169 Am Venn 5
– Dirk 47226 Schwarzenberger- 51
– Elfriede 47259 Am Finkenacker 137
– Elfriede 47119 Elisen- 30
– Elke 47166 Steiger- 30
– Elvira 47167 Otto-Hahn- 16
– Erna 47057 Heine- 51
– Erwin 47228 Gutenberg- 14
– Erwin 47179 Kometenplatz 1
– Frank 47249 Am Baumsgarten 21
– Franz-Josef
47239 Düsseldorfer- 165
– Friedhelm 47259 Über dem Bruch 15
– Friedrich 47055 Gärtner- 80
– Gabriele 47179 Jupiter- 13
– Gerd 47249 Angertaler- 19
– Gerd-Heinz 47058 Franken- 2
Firmen, Gewerbebetriebe usw. nach Namen – siehe gelber Teil	A-DU
